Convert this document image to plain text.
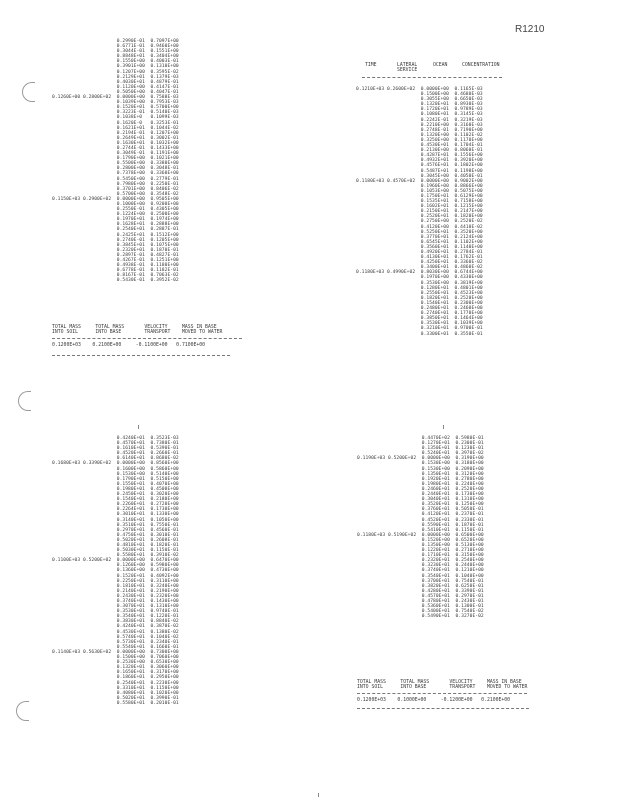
R1210
TIME	LATERAL
SERVICE
OCEAN	CONCENTRATION
0.2990E-01  0.7097E+00
0.6771E-01  0.9460E+00
0.3044E-01  0.1551E+00
0.8848E+01  0.3404E+00
0.1550E+00  0.4003E-01
0.3901E+00  0.1310E+00
0.1207E+00  0.3595E-02
0.2129E+01  0.1379E-03
0.4030E+01  0.4879E-01
0.1120E+00  0.4147E-01
0.5050E+00  0.4047E-01
0.1260E+00 0.2800E+02  0.0000E+00  0.7588E-03
0.1039E+00  0.7953E-03
0.1520E+01  0.5700E+00
0.3223E-01  0.5140E-03
0.1038E+0   0.1099E-03
0.1620E-0   0.3253E-01
0.1621E+01  0.1044E-02
0.2194E-01  0.1207E+00
0.2649E+01  0.3002E-01
0.1630E+01  0.1032E+00
0.2744E-01  0.1433E+00
0.3049E-01  0.1191E+00
0.1790E+00  0.1021E+00
0.5500E+00  0.3380E+00
0.2800E+00  0.3048E-01
0.7378E+00  0.3360E+00
0.5450E+00  0.2779E-01
0.7980E+00  0.2250E-01
0.3701E+00  0.8406E-02
0.5700E+00  0.3548E-02
0.1150E+03 0.2900E+02  0.0000E+00  0.9505E+00
0.1000E+00  0.9200E+00
0.2550E-01  0.4305E+00
0.1224E+00  0.2500E+00
0.1970E+01  0.1974E+00
0.1628E+01  0.2888E+00
0.2540E+01  0.2887E-01
0.2425E+01  0.1512E+00
0.2740E-01  0.1205E+00
0.3845E+01  0.1075E+00
0.2320E+01  0.1870E-01
0.2897E-01  0.4827E-01
0.4267E-01  0.1251E+00
0.4938E-01  0.1180E+00
0.6778E-01  0.1182E-01
0.8167E-01  0.7063E-02
0.5430E-01  0.3952E-02
0.1210E+03 0.2600E+02  0.0000E+00  0.1165E-03
0.1500E+00  0.4680E-03
0.3055E+00  0.6650E-03
0.1320E+01  0.8930E-03
0.1720E+01  0.9789E-03
0.1080E+01  0.3145E-03
0.2242E-01  0.3219E-03
0.2210E+00  0.3160E-03
0.2748E-01  0.7190E+00
0.1320E+00  0.1102E-02
0.3250E+00  0.1170E+00
0.4530E+01  0.1704E-01
0.2130E+00  0.8060E-01
0.4287E+01  0.1556E+00
0.4932E+01  0.3920E+00
0.4576E+01  0.1802E+00
0.5487E+01  0.1198E+00
0.3045E+00  0.4050E-01
0.1180E+03 0.4570E+02  0.0000E+00  0.9002E+00
0.1960E+00  0.8866E+00
0.1053E+00  0.5075E+00
0.1750E+01  0.6129E+00
0.1535E+01  0.7158E+00
0.1602E+01  0.1215E+00
0.2150E+01  0.2147E+00
0.2520E+01  0.1820E+00
0.2750E+00  0.2520E-02
0.4120E+00  0.4410E-02
0.5250E+01  0.3520E+00
0.3770E+01  0.2124E+00
0.6545E+01  0.1102E+00
0.3560E+01  0.1140E+00
0.4920E+01  0.2784E-01
0.4130E+01  0.1762E-01
0.4250E+01  0.3360E-02
0.3400E+01  0.4860E-02
0.1180E+03 0.4990E+02  0.8030E+00  0.6744E+00
0.1970E+00  0.4330E+00
0.3530E+00  0.3819E+00
0.1280E+01  0.4801E+00
0.2550E+01  0.4523E+00
0.1820E+01  0.2520E+00
0.1540E+01  0.2300E+00
0.2480E+01  0.2460E+00
0.2740E+01  0.1770E+00
0.3850E+01  0.1464E+00
0.3530E+01  0.1039E+00
0.3210E+01  0.9700E-01
0.3300E+01  0.3550E-01
0.4240E+01  0.3523E-03
0.4570E+01  0.7380E-01
0.1610E+01  0.5390E-01
0.4520E+01  0.2660E-01
0.6140E+01  0.8680E-02
0.1680E+03 0.3390E+02  0.0000E+00  0.8560E+00
0.1600E+00  0.5860E+00
0.1530E+00  0.5140E+00
0.1790E+01  0.5150E+00
0.1550E+01  0.4070E+00
0.1980E+01  0.4500E+00
0.2450E+01  0.3020E+00
0.1540E+01  0.2180E+00
0.2260E+01  0.2720E+00
0.2264E+01  0.1730E+00
0.3010E+01  0.1330E+00
0.3140E+01  0.1050E+00
0.3510E+01  0.7550E-01
0.2970E+01  0.4560E-01
0.4750E+01  0.3010E-01
0.5020E+01  0.2608E-01
0.4810E+01  0.1820E-01
0.5030E+01  0.1150E-01
0.5580E+01  0.3910E-02
0.1100E+03 0.5200E+02  0.0000E+00  0.6470E+00
0.1260E+00  0.5980E+00
0.1360E+00  0.4730E+00
0.1520E+01  0.4092E+00
0.2250E+01  0.3110E+00
0.1810E+01  0.3240E+00
0.2140E+01  0.2190E+00
0.2430E+01  0.2320E+00
0.3740E+01  0.1430E+00
0.3070E+01  0.1310E+00
0.3530E+01  0.9740E-01
0.3540E+01  0.1220E-01
0.3830E+01  0.8840E-02
0.4240E+01  0.3870E-02
0.4530E+01  0.1380E-02
0.5740E+01  0.1040E-02
0.5730E+01  0.2340E-01
0.5540E+01  0.1660E-01
0.1140E+03 0.5630E+02  0.0000E+00  0.7300E+00
0.1500E+00  0.7060E+00
0.2530E+00  0.6530E+00
0.1320E+01  0.3060E+00
0.1650E+01  0.3170E+00
0.1860E+01  0.2950E+00
0.2540E+01  0.2230E+00
0.3310E+01  0.1150E+00
0.4080E+01  0.1020E+00
0.5020E+01  0.3990E-01
0.5580E+01  0.2010E-01
0.4470E+02  0.5980E-01
0.1270E+01  0.2300E-01
0.1350E+01  0.1230E-01
0.5240E+01  0.3970E-02
0.1190E+03 0.5200E+02  0.0000E+00  0.3190E+00
0.1530E+00  0.3180E+00
0.1530E+00  0.2090E+00
0.1350E+01  0.3120E+00
0.1920E+01  0.2780E+00
0.1980E+01  0.2240E+00
0.2460E+01  0.2520E+00
0.2440E+01  0.1730E+00
0.3040E+01  0.1310E+00
0.3520E+01  0.1250E+00
0.3760E+01  0.5050E-01
0.4120E+01  0.2370E-01
0.4520E+01  0.2330E-01
0.5590E+01  0.1870E-01
0.5410E+01  0.1150E-01
0.1180E+03 0.5190E+02  0.0000E+00  0.6500E+00
0.1520E+00  0.6520E+00
0.1350E+00  0.5130E+00
0.1220E+01  0.2710E+00
0.1710E+01  0.3150E+00
0.2320E+01  0.2540E+00
0.3230E+01  0.2440E+00
0.3740E+01  0.1210E+00
0.3540E+01  0.1040E+00
0.3700E+01  0.7540E-01
0.3820E+01  0.6250E-01
0.4280E+01  0.3390E-01
0.4570E+01  0.2970E-01
0.4780E+01  0.2430E-01
0.5360E+01  0.1300E-01
0.5400E+01  0.7540E-02
0.5490E+01  0.3270E-02
TOTAL MASS     TOTAL MASS       VELOCITY     MASS IN BASE
INTO SOIL      INTO BASE        TRANSPORT    MOVED TO WATER
0.1200E+03    0.2100E+00     -0.1100E+00   0.7100E+00
TOTAL MASS     TOTAL MASS       VELOCITY     MASS IN BASE
INTO SOIL      INTO BASE        TRANSPORT    MOVED TO WATER
0.1200E+03    0.1000E+00     -0.1200E+00   0.2100E+00
